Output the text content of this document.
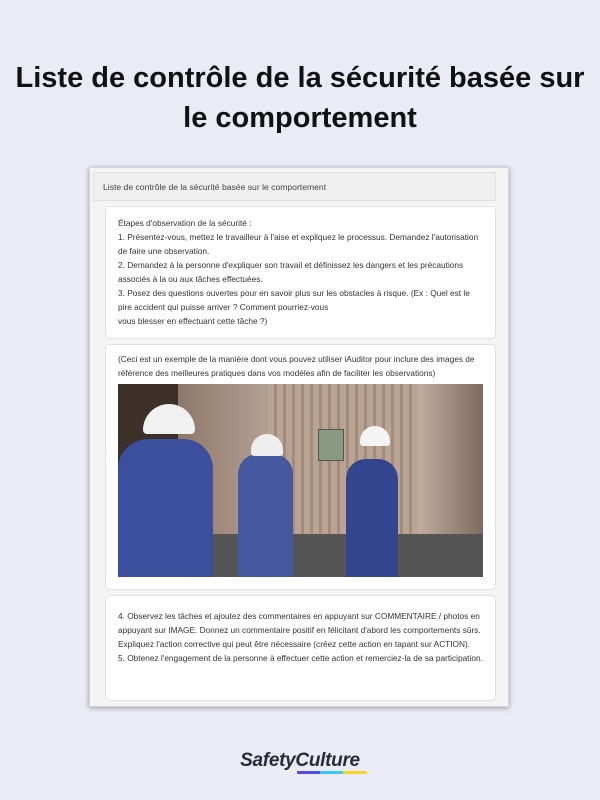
Liste de contrôle de la sécurité basée sur le comportement
Liste de contrôle de la sécurité basée sur le comportement
Étapes d'observation de la sécurité :
1. Présentez-vous, mettez le travailleur à l'aise et expliquez le processus. Demandez l'autorisation de faire une observation.
2. Demandez à la personne d'expliquer son travail et définissez les dangers et les précautions associés à la ou aux tâches effectuées.
3. Posez des questions ouvertes pour en savoir plus sur les obstacles à risque. (Ex : Quel est le pire accident qui puisse arriver ? Comment pourriez-vous
vous blesser en effectuant cette tâche ?)
(Ceci est un exemple de la manière dont vous pouvez utiliser iAuditor pour inclure des images de référence des meilleures pratiques dans vos modèles afin de faciliter les observations)
4. Observez les tâches et ajoutez des commentaires en appuyant sur COMMENTAIRE / photos en appuyant sur IMAGE. Donnez un commentaire positif en félicitant d'abord les comportements sûrs. Expliquez l'action corrective qui peut être nécessaire (créez cette action en tapant sur ACTION).
5. Obtenez l'engagement de la personne à effectuer cette action et remerciez-la de sa participation.
SafetyCulture
